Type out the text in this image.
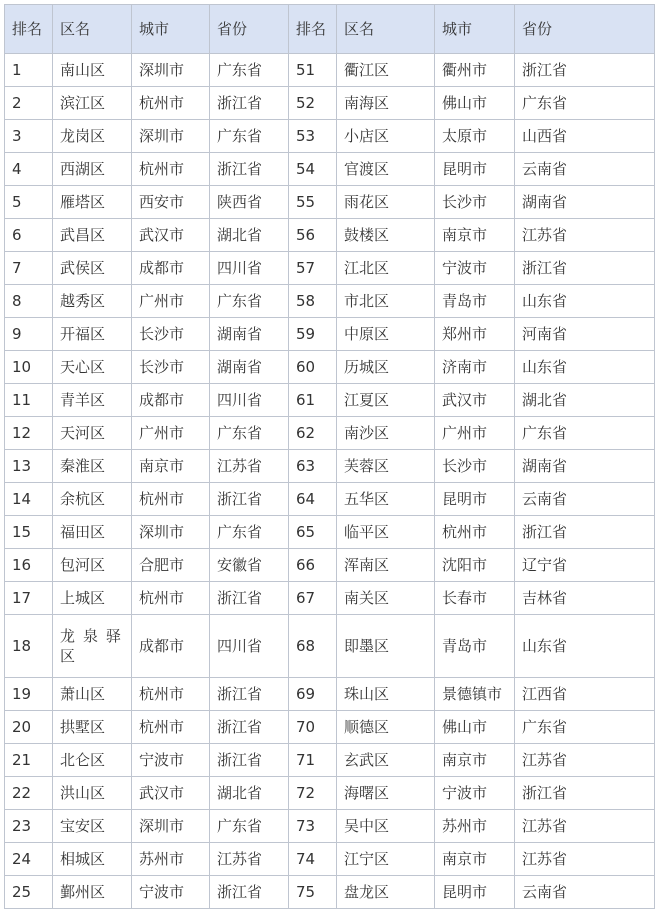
排名	区名	城市	省份	排名	区名	城市	省份
1	南山区	深圳市	广东省	51	衢江区	衢州市	浙江省
2	滨江区	杭州市	浙江省	52	南海区	佛山市	广东省
3	龙岗区	深圳市	广东省	53	小店区	太原市	山西省
4	西湖区	杭州市	浙江省	54	官渡区	昆明市	云南省
5	雁塔区	西安市	陕西省	55	雨花区	长沙市	湖南省
6	武昌区	武汉市	湖北省	56	鼓楼区	南京市	江苏省
7	武侯区	成都市	四川省	57	江北区	宁波市	浙江省
8	越秀区	广州市	广东省	58	市北区	青岛市	山东省
9	开福区	长沙市	湖南省	59	中原区	郑州市	河南省
10	天心区	长沙市	湖南省	60	历城区	济南市	山东省
11	青羊区	成都市	四川省	61	江夏区	武汉市	湖北省
12	天河区	广州市	广东省	62	南沙区	广州市	广东省
13	秦淮区	南京市	江苏省	63	芙蓉区	长沙市	湖南省
14	余杭区	杭州市	浙江省	64	五华区	昆明市	云南省
15	福田区	深圳市	广东省	65	临平区	杭州市	浙江省
16	包河区	合肥市	安徽省	66	浑南区	沈阳市	辽宁省
17	上城区	杭州市	浙江省	67	南关区	长春市	吉林省
18	龙泉驿区	成都市	四川省	68	即墨区	青岛市	山东省
19	萧山区	杭州市	浙江省	69	珠山区	景德镇市	江西省
20	拱墅区	杭州市	浙江省	70	顺德区	佛山市	广东省
21	北仑区	宁波市	浙江省	71	玄武区	南京市	江苏省
22	洪山区	武汉市	湖北省	72	海曙区	宁波市	浙江省
23	宝安区	深圳市	广东省	73	吴中区	苏州市	江苏省
24	相城区	苏州市	江苏省	74	江宁区	南京市	江苏省
25	鄞州区	宁波市	浙江省	75	盘龙区	昆明市	云南省
